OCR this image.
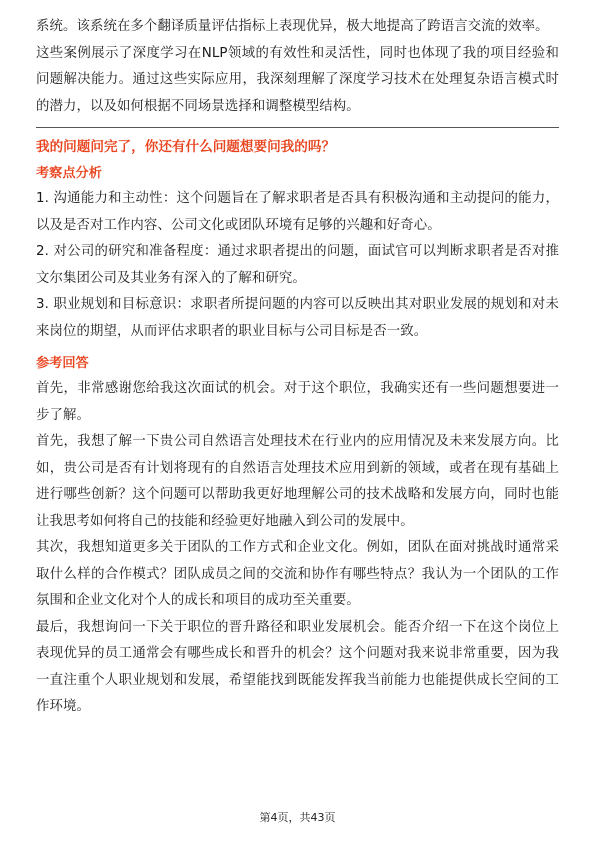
系统。该系统在多个翻译质量评估指标上表现优异，极大地提高了跨语言交流的效率。

这些案例展示了深度学习在NLP领域的有效性和灵活性，同时也体现了我的项目经验和问题解决能力。通过这些实际应用，我深刻理解了深度学习技术在处理复杂语言模式时的潜力，以及如何根据不同场景选择和调整模型结构。

我的问题问完了，你还有什么问题想要问我的吗？
考察点分析

1. 沟通能力和主动性：这个问题旨在了解求职者是否具有积极沟通和主动提问的能力，以及是否对工作内容、公司文化或团队环境有足够的兴趣和好奇心。

2. 对公司的研究和准备程度：通过求职者提出的问题，面试官可以判断求职者是否对推文尔集团公司及其业务有深入的了解和研究。

3. 职业规划和目标意识：求职者所提问题的内容可以反映出其对职业发展的规划和对未来岗位的期望，从而评估求职者的职业目标与公司目标是否一致。

参考回答

首先，非常感谢您给我这次面试的机会。对于这个职位，我确实还有一些问题想要进一步了解。

首先，我想了解一下贵公司自然语言处理技术在行业内的应用情况及未来发展方向。比如，贵公司是否有计划将现有的自然语言处理技术应用到新的领域，或者在现有基础上进行哪些创新？这个问题可以帮助我更好地理解公司的技术战略和发展方向，同时也能让我思考如何将自己的技能和经验更好地融入到公司的发展中。

其次，我想知道更多关于团队的工作方式和企业文化。例如，团队在面对挑战时通常采取什么样的合作模式？团队成员之间的交流和协作有哪些特点？我认为一个团队的工作氛围和企业文化对个人的成长和项目的成功至关重要。

最后，我想询问一下关于职位的晋升路径和职业发展机会。能否介绍一下在这个岗位上表现优异的员工通常会有哪些成长和晋升的机会？这个问题对我来说非常重要，因为我一直注重个人职业规划和发展，希望能找到既能发挥我当前能力也能提供成长空间的工作环境。

第4页，共43页
